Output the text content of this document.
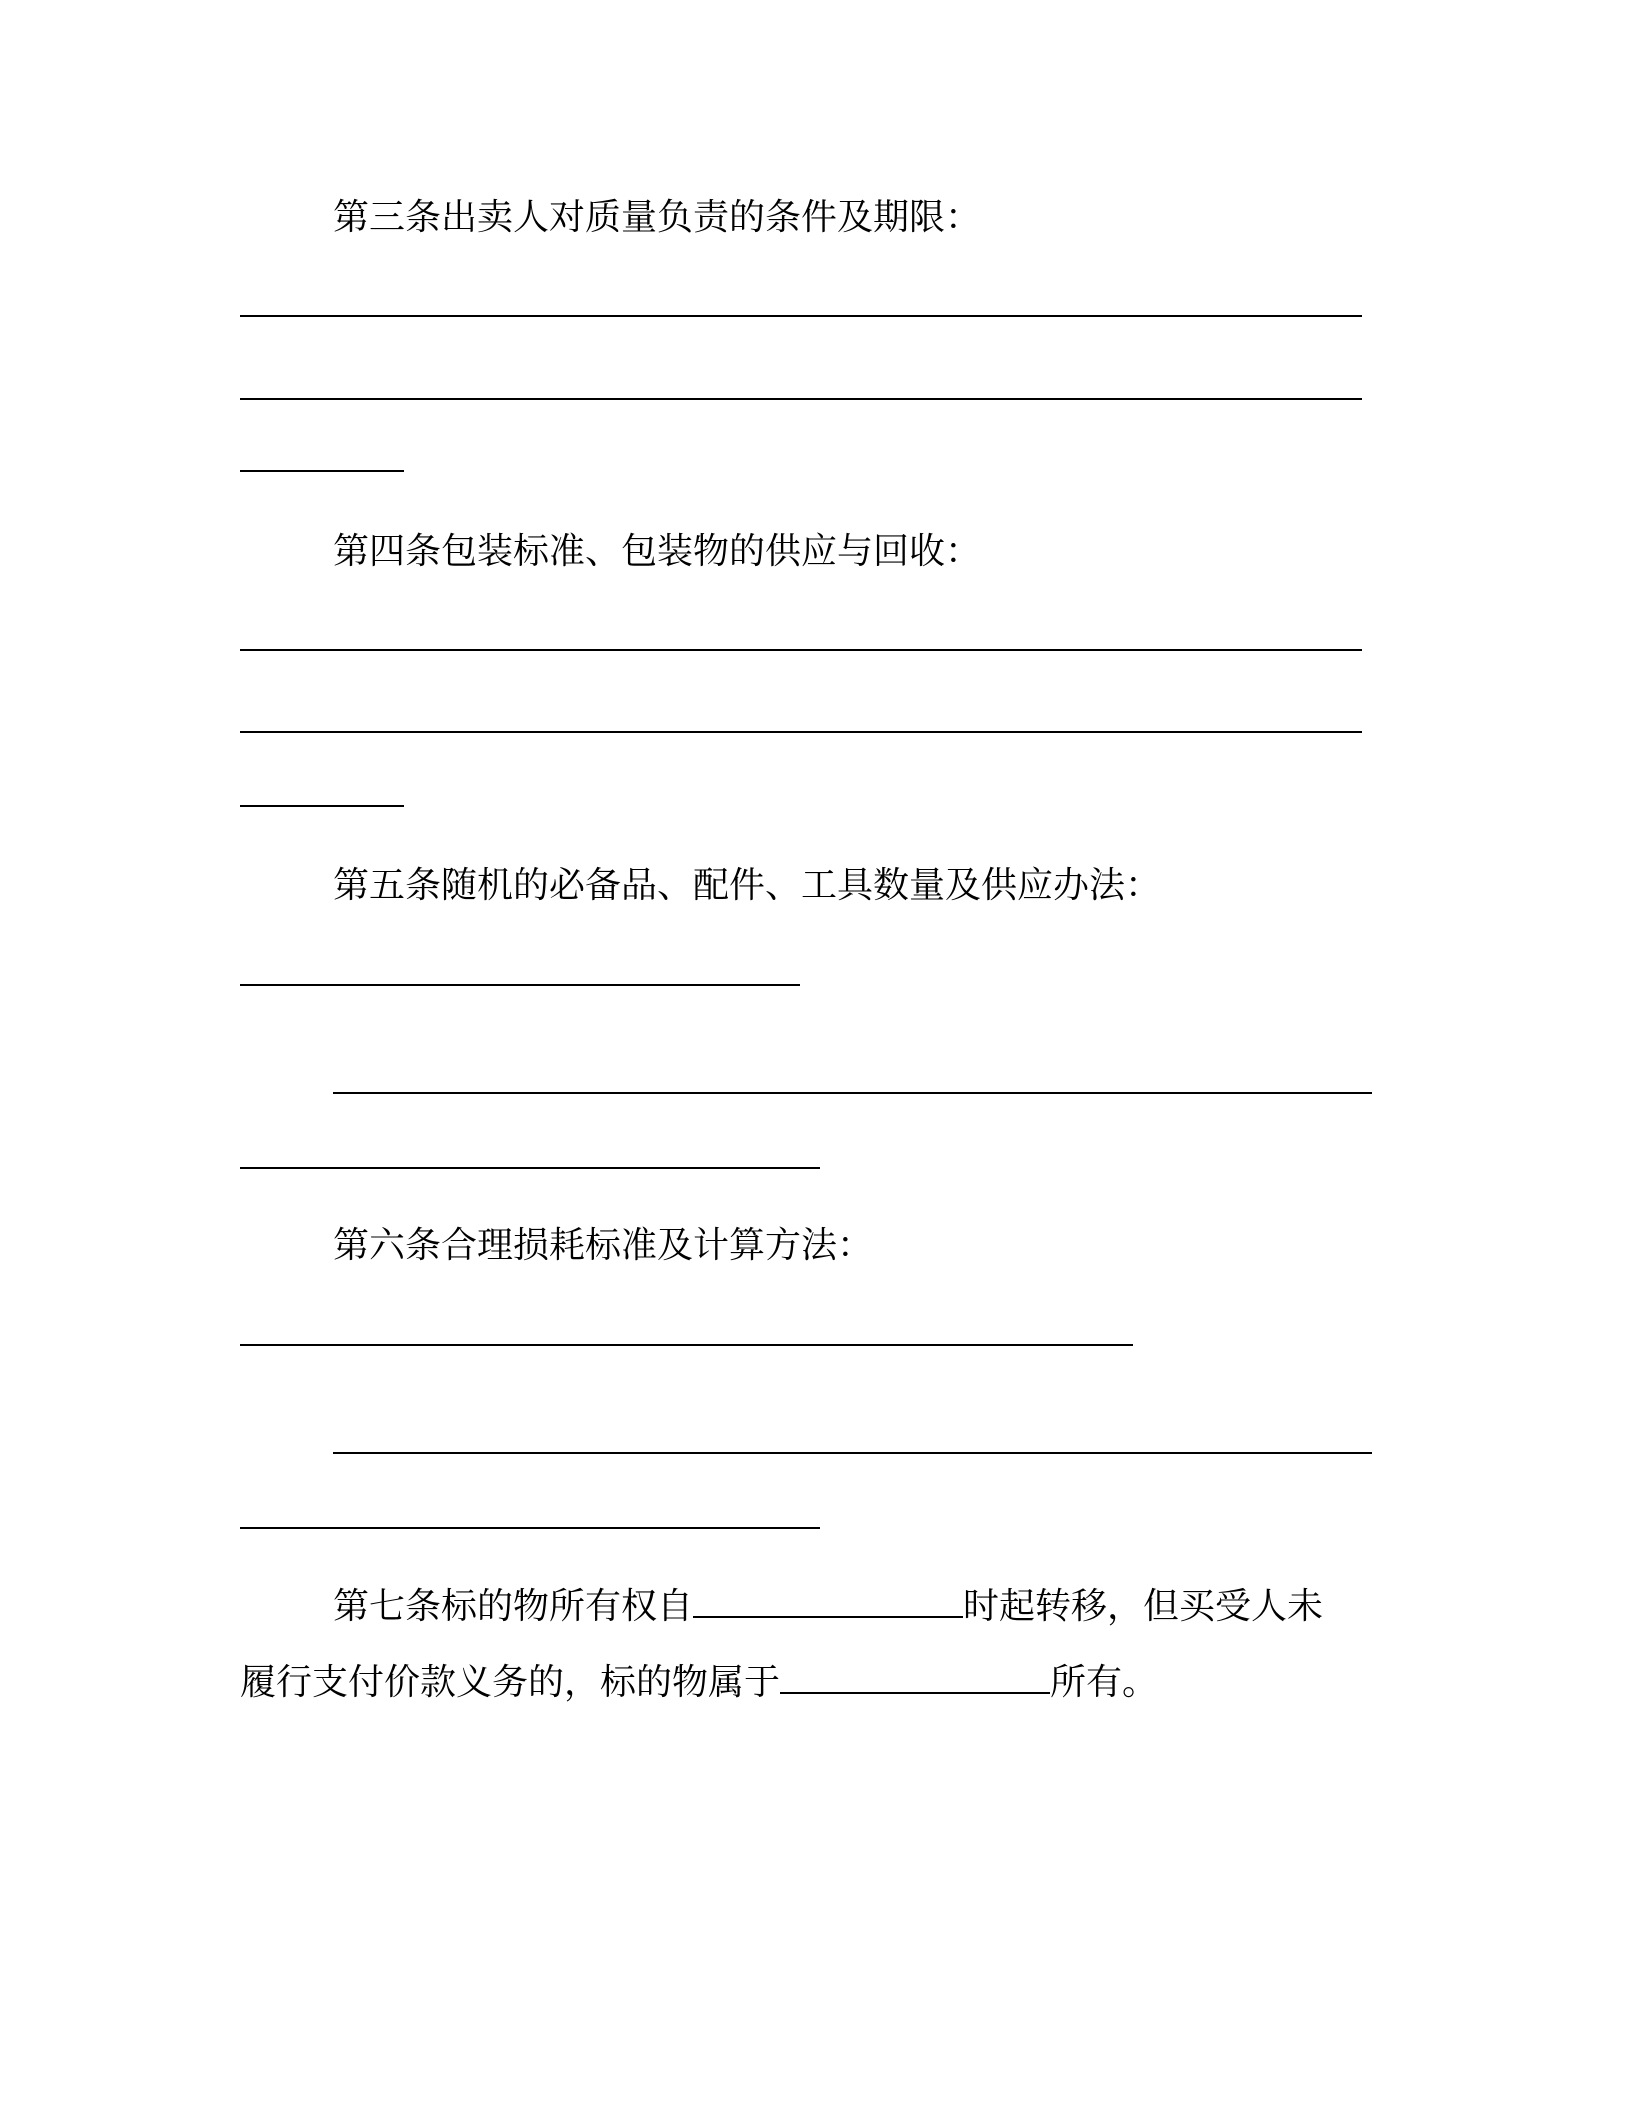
第三条出卖人对质量负责的条件及期限：
第四条包装标准、包装物的供应与回收：
第五条随机的必备品、配件、工具数量及供应办法：
第六条合理损耗标准及计算方法：
第七条标的物所有权自	时起转移，但买受人未
履行支付价款义务的，标的物属于	所有。
